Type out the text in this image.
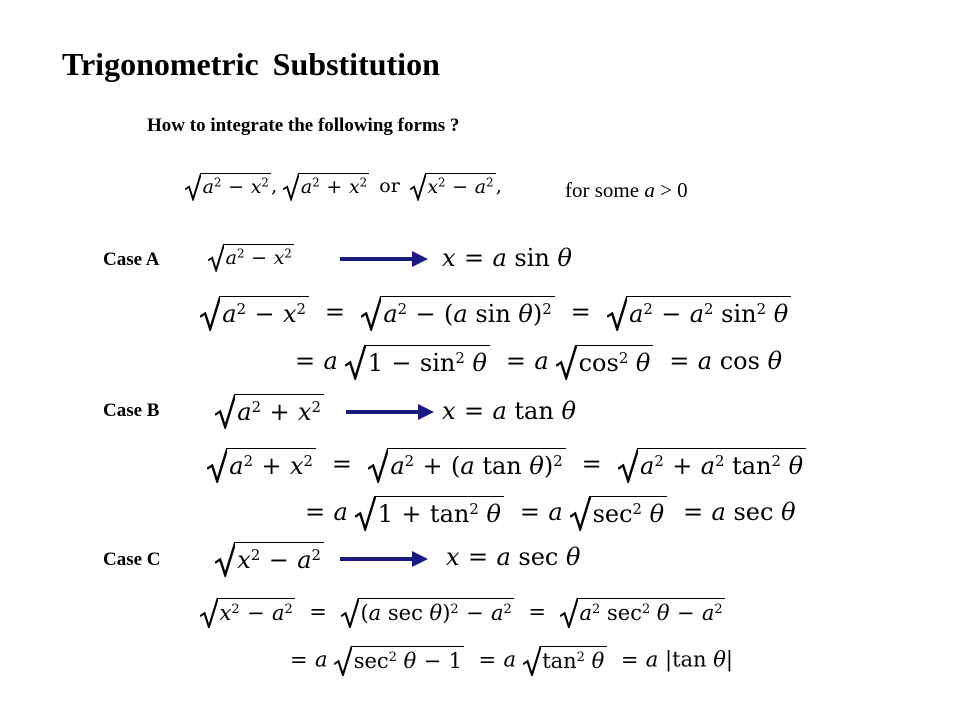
Trigonometric Substitution
How to integrate the following forms ?
$a^2 - x^2$ , $a^2 + x^2$ or $x^2 - a^2$ ,	for some a > 0
Case A	$a^2 - x^2$	x = a sin θ
$a^2 - x^2 = a^2 - (a$ $\sin \theta)^2 = a^2 - a^2$ $\sin^2 \theta$
= a $1 - \sin^2 \theta = a$ $\cos^2 \theta = a$ cos θ
Case B	$a^2 + x^2$	x = a tan θ
$a^2 + x^2 = a^2 + (a$ $\tan \theta)^2 = a^2 + a^2$ $\tan^2 \theta$
= a $1 + \tan^2 \theta = a$ $\sec^2 \theta = a$ sec θ
Case C	$x^2 - a^2$	x = a sec θ
$x^2 - a^2 = (a$ $\sec \theta)^2 - a^2 = a^2$ $\sec^2 \theta - a^2$
= a $\sec^2 \theta - 1 = a$ $\tan^2 \theta = a$ |tan θ|
